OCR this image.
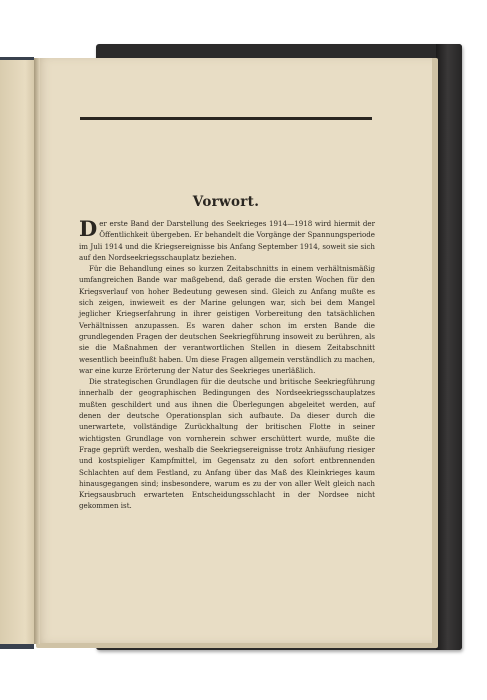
Vorwort.

Der erste Band der Darstellung des Seekrieges 1914—1918 wird hiermit der Öffentlichkeit übergeben. Er behandelt die Vorgänge der Spannungsperiode im Juli 1914 und die Kriegsereignisse bis Anfang September 1914, soweit sie sich auf den Nordseekriegsschauplatz beziehen.

Für die Behandlung eines so kurzen Zeitabschnitts in einem verhältnismäßig umfangreichen Bande war maßgebend, daß gerade die ersten Wochen für den Kriegsverlauf von hoher Bedeutung gewesen sind. Gleich zu Anfang mußte es sich zeigen, inwieweit es der Marine gelungen war, sich bei dem Mangel jeglicher Kriegserfahrung in ihrer geistigen Vorbereitung den tatsächlichen Verhältnissen anzupassen. Es waren daher schon im ersten Bande die grundlegenden Fragen der deutschen Seekriegführung insoweit zu berühren, als sie die Maßnahmen der verantwortlichen Stellen in diesem Zeitabschnitt wesentlich beeinflußt haben. Um diese Fragen allgemein verständlich zu machen, war eine kurze Erörterung der Natur des Seekrieges unerläßlich.

Die strategischen Grundlagen für die deutsche und britische Seekriegführung innerhalb der geographischen Bedingungen des Nordseekriegsschauplatzes mußten geschildert und aus ihnen die Überlegungen abgeleitet werden, auf denen der deutsche Operationsplan sich aufbaute. Da dieser durch die unerwartete, vollständige Zurückhaltung der britischen Flotte in seiner wichtigsten Grundlage von vornherein schwer erschüttert wurde, mußte die Frage geprüft werden, weshalb die Seekriegsereignisse trotz Anhäufung riesiger und kostspieliger Kampfmittel, im Gegensatz zu den sofort entbrennenden Schlachten auf dem Festland, zu Anfang über das Maß des Kleinkrieges kaum hinausgegangen sind; insbesondere, warum es zu der von aller Welt gleich nach Kriegsausbruch erwarteten Entscheidungsschlacht in der Nordsee nicht gekommen ist.
